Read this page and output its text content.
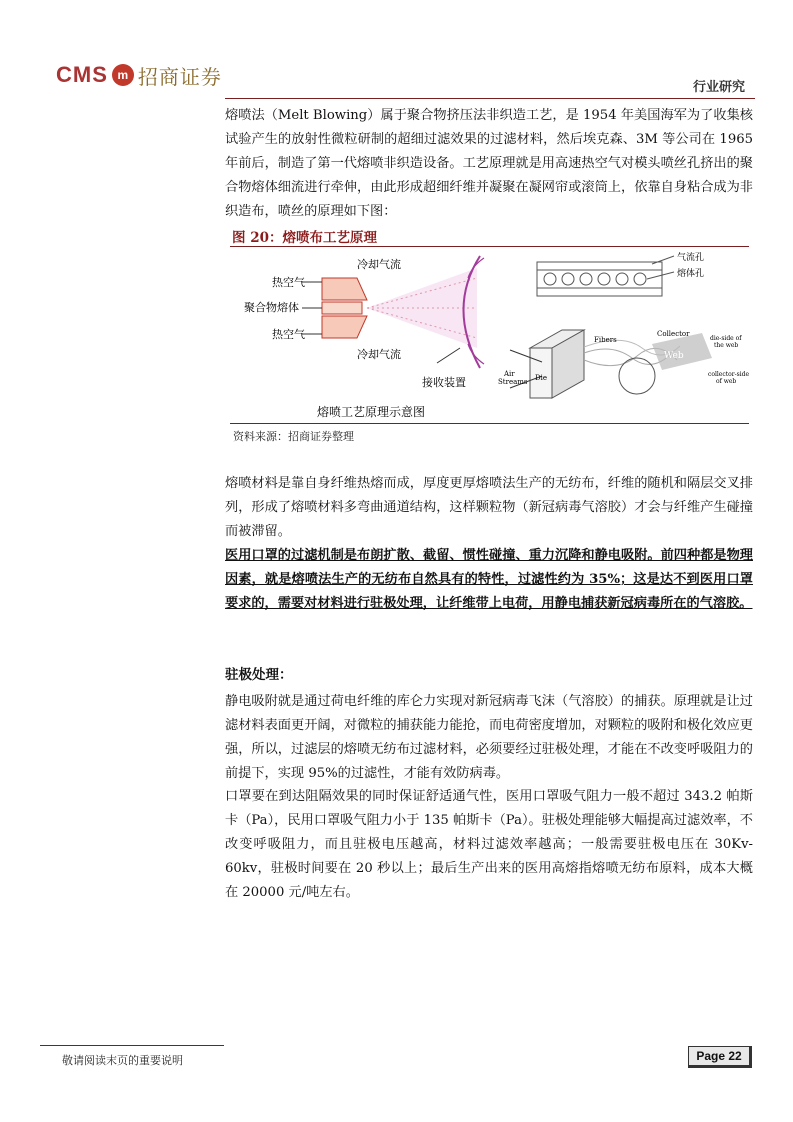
CMS m 招商证券	行业研究

熔喷法（Melt Blowing）属于聚合物挤压法非织造工艺，是 1954 年美国海军为了收集核试验产生的放射性微粒研制的超细过滤效果的过滤材料，然后埃克森、3M 等公司在 1965 年前后，制造了第一代熔喷非织造设备。工艺原理就是用高速热空气对模头喷丝孔挤出的聚合物熔体细流进行牵伸，由此形成超细纤维并凝聚在凝网帘或滚筒上，依靠自身粘合成为非织造布，喷丝的原理如下图：

图 20：熔喷布工艺原理
热空气
聚合物熔体
热空气
冷却气流
冷却气流
接收装置
熔喷工艺原理示意图
气流孔
熔体孔
Fibers
Collector
Web
die-side of
the web
Air
Streams Die	collector-side
of web
资料来源：招商证券整理

熔喷材料是靠自身纤维热熔而成，厚度更厚熔喷法生产的无纺布，纤维的随机和隔层交叉排列，形成了熔喷材料多弯曲通道结构，这样颗粒物（新冠病毒气溶胶）才会与纤维产生碰撞而被滞留。

医用口罩的过滤机制是布朗扩散、截留、惯性碰撞、重力沉降和静电吸附。前四种都是物理因素，就是熔喷法生产的无纺布自然具有的特性，过滤性约为 35%；这是达不到医用口罩要求的，需要对材料进行驻极处理，让纤维带上电荷，用静电捕获新冠病毒所在的气溶胶。

驻极处理：

静电吸附就是通过荷电纤维的库仑力实现对新冠病毒飞沫（气溶胶）的捕获。原理就是让过滤材料表面更开阔，对微粒的捕获能力能抢，而电荷密度增加，对颗粒的吸附和极化效应更强，所以，过滤层的熔喷无纺布过滤材料，必须要经过驻极处理，才能在不改变呼吸阻力的前提下，实现 95%的过滤性，才能有效防病毒。

口罩要在到达阻隔效果的同时保证舒适通气性，医用口罩吸气阻力一般不超过 343.2 帕斯卡（Pa），民用口罩吸气阻力小于 135 帕斯卡（Pa）。驻极处理能够大幅提高过滤效率，不改变呼吸阻力，而且驻极电压越高，材料过滤效率越高；一般需要驻极电压在 30Kv-60kv，驻极时间要在 20 秒以上；最后生产出来的医用高熔指熔喷无纺布原料，成本大概在 20000 元/吨左右。

敬请阅读末页的重要说明	Page 22
